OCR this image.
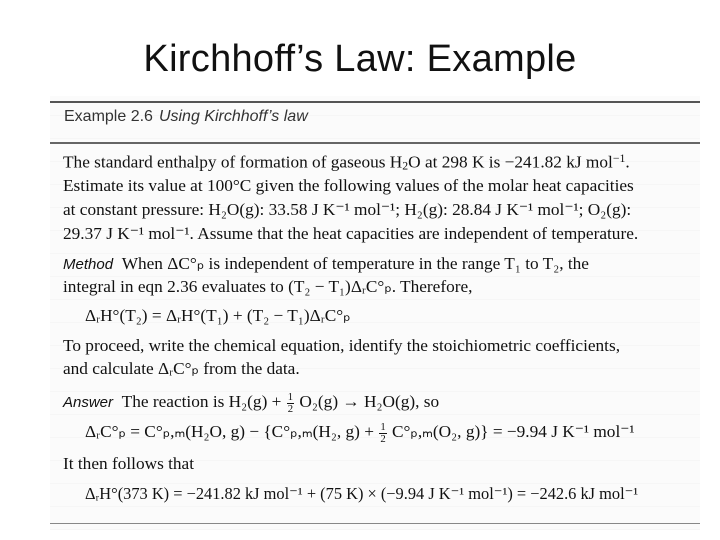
Kirchhoff’s Law: Example
Example 2.6 Using Kirchhoff’s law
The standard enthalpy of formation of gaseous $H_2O$ at 298 K is −241.82 kJ mol$^{-1}$.
Estimate its value at 100°C given the following values of the molar heat capacities
at constant pressure: H₂O(g): 33.58 J K⁻¹ mol⁻¹; H₂(g): 28.84 J K⁻¹ mol⁻¹; O₂(g):
29.37 J K⁻¹ mol⁻¹. Assume that the heat capacities are independent of temperature.
Method When ΔC°ₚ is independent of temperature in the range T₁ to T₂, the
integral in eqn 2.36 evaluates to (T₂ − T₁)ΔᵣC°ₚ. Therefore,
ΔᵣH°(T₂) = ΔᵣH°(T₁) + (T₂ − T₁)ΔᵣC°ₚ
To proceed, write the chemical equation, identify the stoichiometric coefficients,
and calculate ΔᵣC°ₚ from the data.
Answer The reaction is $H_2(g) + \frac{1}{2} O_2(g) \to H_2O(g)$, so
ΔᵣC°ₚ = C°ₚ,ₘ(H₂O, g) − {C°ₚ,ₘ(H₂, $g) + \frac{1}{2} C^\circ_p,_m(O_2$, g)} = −9.94 J K⁻¹ mol⁻¹
It then follows that
ΔᵣH°(373 K) = −241.82 kJ mol⁻¹ + (75 K) × (−9.94 J K⁻¹ mol⁻¹) = −242.6 kJ mol⁻¹
